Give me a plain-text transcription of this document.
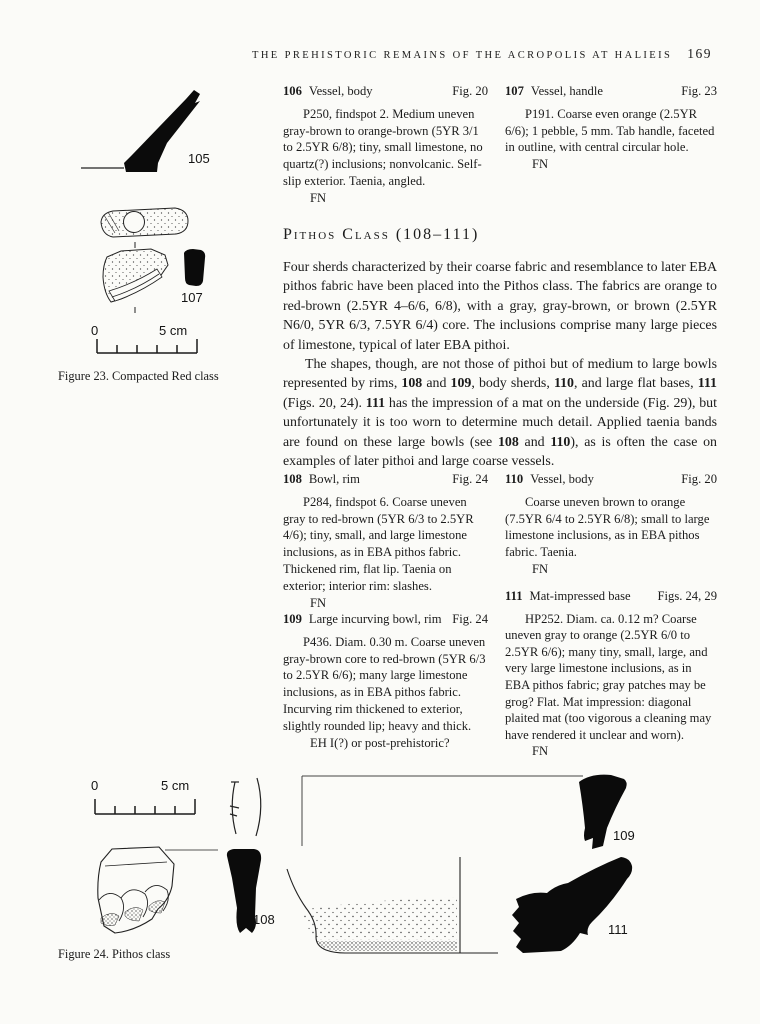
THE PREHISTORIC REMAINS OF THE ACROPOLIS AT HALIEIS 169
105
107
0	5 cm
Figure 23. Compacted Red class
106 Vessel, body	Fig. 20

P250, findspot 2. Medium uneven gray-brown to orange-brown (5YR 3/1 to 2.5YR 6/8); tiny, small limestone, no quartz(?) inclusions; nonvolcanic. Self-slip exterior. Taenia, angled.

FN

107 Vessel, handle	Fig. 23

P191. Coarse even orange (2.5YR 6/6); 1 pebble, 5 mm. Tab handle, faceted in outline, with central circular hole.

FN

Pithos Class (108–111)

Four sherds characterized by their coarse fabric and resemblance to later EBA pithos fabric have been placed into the Pithos class. The fabrics are orange to red-brown (2.5YR 4–6/6, 6/8), with a gray, gray-brown, or brown (2.5YR N6/0, 5YR 6/3, 7.5YR 6/4) core. The inclusions comprise many large pieces of limestone, typical of later EBA pithoi.

The shapes, though, are not those of pithoi but of medium to large bowls represented by rims, 108 and 109, body sherds, 110, and large flat bases, 111 (Figs. 20, 24). 111 has the impression of a mat on the underside (Fig. 29), but unfortunately it is too worn to determine much detail. Applied taenia bands are found on these large bowls (see 108 and 110), as is often the case on examples of later pithoi and large coarse vessels.

108 Bowl, rim	Fig. 24

P284, findspot 6. Coarse uneven gray to red-brown (5YR 6/3 to 2.5YR 4/6); tiny, small, and large limestone inclusions, as in EBA pithos fabric. Thickened rim, flat lip. Taenia on exterior; interior rim: slashes.

FN

109 Large incurving bowl, rim Fig. 24

P436. Diam. 0.30 m. Coarse uneven gray-brown core to red-brown (5YR 6/3 to 2.5YR 6/6); many large limestone inclusions, as in EBA pithos fabric. Incurving rim thickened to exterior, slightly rounded lip; heavy and thick.

EH I(?) or post-prehistoric?

110 Vessel, body	Fig. 20

Coarse uneven brown to orange (7.5YR 6/4 to 2.5YR 6/8); small to large limestone inclusions, as in EBA pithos fabric. Taenia.

FN

111 Mat-impressed base	Figs. 24, 29

HP252. Diam. ca. 0.12 m? Coarse uneven gray to orange (2.5YR 6/0 to 2.5YR 6/6); many tiny, small, large, and very large limestone inclusions, as in EBA pithos fabric; gray patches may be grog? Flat. Mat impression: diagonal plaited mat (too vigorous a cleaning may have rendered it unclear and worn).

FN

0	5 cm
108
109
111
Figure 24. Pithos class
